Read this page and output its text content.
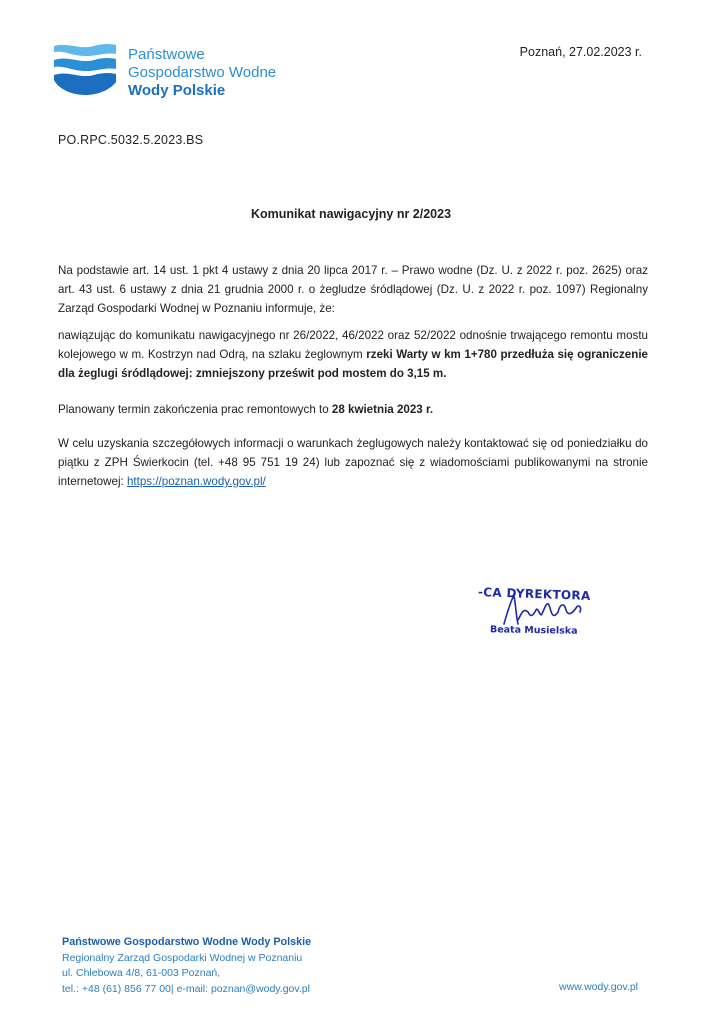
Państwowe
Gospodarstwo Wodne
Wody Polskie
Poznań, 27.02.2023 r.
PO.RPC.5032.5.2023.BS
Komunikat nawigacyjny nr 2/2023
Na podstawie art. 14 ust. 1 pkt 4 ustawy z dnia 20 lipca 2017 r. – Prawo wodne (Dz. U. z 2022 r. poz. 2625) oraz art. 43 ust. 6 ustawy z dnia 21 grudnia 2000 r. o żegludze śródlądowej (Dz. U. z 2022 r. poz. 1097) Regionalny Zarząd Gospodarki Wodnej w Poznaniu informuje, że:
nawiązując do komunikatu nawigacyjnego nr 26/2022, 46/2022 oraz 52/2022 odnośnie trwającego remontu mostu kolejowego w m. Kostrzyn nad Odrą, na szlaku żeglownym rzeki Warty w km 1+780 przedłuża się ograniczenie dla żeglugi śródlądowej: zmniejszony prześwit pod mostem do 3,15 m.
Planowany termin zakończenia prac remontowych to 28 kwietnia 2023 r.
W celu uzyskania szczegółowych informacji o warunkach żeglugowych należy kontaktować się od poniedziałku do piątku z ZPH Świerkocin (tel. +48 95 751 19 24) lub zapoznać się z wiadomościami publikowanymi na stronie internetowej: https://poznan.wody.gov.pl/
-CA DYREKTORA
Beata Musielska
Państwowe Gospodarstwo Wodne Wody Polskie
Regionalny Zarząd Gospodarki Wodnej w Poznaniu
ul. Chlebowa 4/8, 61-003 Poznań,
tel.: +48 (61) 856 77 00| e-mail: poznan@wody.gov.pl	www.wody.gov.pl
